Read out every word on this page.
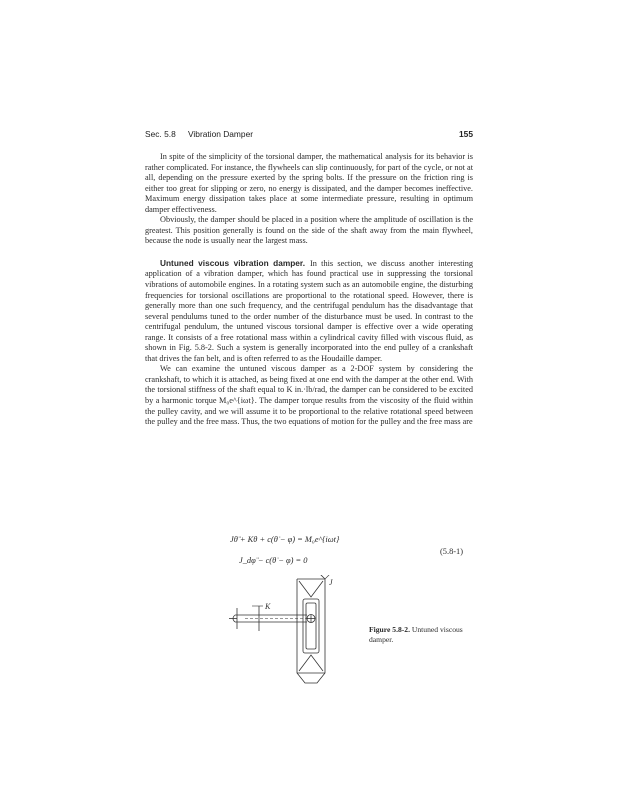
Sec. 5.8 Vibration Damper	155

In spite of the simplicity of the torsional damper, the mathematical analysis for its behavior is rather complicated. For instance, the flywheels can slip continuously, for part of the cycle, or not at all, depending on the pressure exerted by the spring bolts. If the pressure on the friction ring is either too great for slipping or zero, no energy is dissipated, and the damper becomes ineffective. Maximum energy dissipation takes place at some intermediate pressure, resulting in optimum damper effectiveness.

Obviously, the damper should be placed in a position where the amplitude of oscillation is the greatest. This position generally is found on the side of the shaft away from the main flywheel, because the node is usually near the largest mass.

Untuned viscous vibration damper. In this section, we discuss another interesting application of a vibration damper, which has found practical use in suppressing the torsional vibrations of automobile engines. In a rotating system such as an automobile engine, the disturbing frequencies for torsional oscillations are proportional to the rotational speed. However, there is generally more than one such frequency, and the centrifugal pendulum has the disadvantage that several pendulums tuned to the order number of the disturbance must be used. In contrast to the centrifugal pendulum, the untuned viscous torsional damper is effective over a wide operating range. It consists of a free rotational mass within a cylindrical cavity filled with viscous fluid, as shown in Fig. 5.8-2. Such a system is generally incorporated into the end pulley of a crankshaft that drives the fan belt, and is often referred to as the Houdaille damper.

We can examine the untuned viscous damper as a 2-DOF system by considering the crankshaft, to which it is attached, as being fixed at one end with the damper at the other end. With the torsional stiffness of the shaft equal to K in.·lb/rad, the damper can be considered to be excited by a harmonic torque M₀e^{iωt}. The damper torque results from the viscosity of the fluid within the pulley cavity, and we will assume it to be proportional to the relative rotational speed between the pulley and the free mass. Thus, the two equations of motion for the pulley and the free mass are

Jθ̈ + Kθ + c(θ̇ − φ̇) = M₀e^{iωt}
J_dφ̈ − c(θ̇ − φ̇) = 0
(5.8-1)
J
K
Figure 5.8-2. Untuned viscous damper.
